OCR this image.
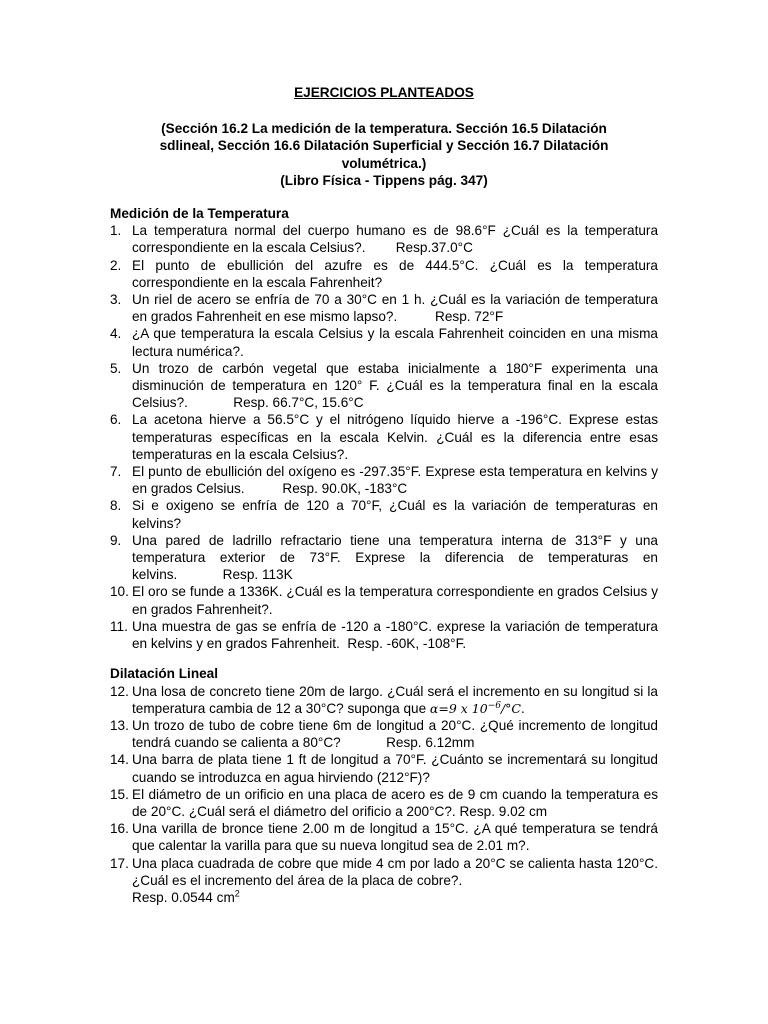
EJERCICIOS PLANTEADOS
(Sección 16.2 La medición de la temperatura. Sección 16.5 Dilatación
sdlineal, Sección 16.6 Dilatación Superficial y Sección 16.7 Dilatación
volumétrica.)
(Libro Física - Tippens pág. 347)
Medición de la Temperatura
1. La temperatura normal del cuerpo humano es de 98.6°F ¿Cuál es la temperatura correspondiente en la escala Celsius?. Resp.37.0°C
2. El punto de ebullición del azufre es de 444.5°C. ¿Cuál es la temperatura correspondiente en la escala Fahrenheit?
3. Un riel de acero se enfría de 70 a 30°C en 1 h. ¿Cuál es la variación de temperatura en grados Fahrenheit en ese mismo lapso?.	Resp. 72°F
4. ¿A que temperatura la escala Celsius y la escala Fahrenheit coinciden en una misma lectura numérica?.
5. Un trozo de carbón vegetal que estaba inicialmente a 180°F experimenta una disminución de temperatura en 120° F. ¿Cuál es la temperatura final en la escala Celsius?.	Resp. 66.7°C, 15.6°C
6. La acetona hierve a 56.5°C y el nitrógeno líquido hierve a -196°C. Exprese estas temperaturas específicas en la escala Kelvin. ¿Cuál es la diferencia entre esas temperaturas en la escala Celsius?.
7. El punto de ebullición del oxígeno es -297.35°F. Exprese esta temperatura en kelvins y en grados Celsius.	Resp. 90.0K, -183°C
8. Si e oxigeno se enfría de 120 a 70°F, ¿Cuál es la variación de temperaturas en kelvins?
9. Una pared de ladrillo refractario tiene una temperatura interna de 313°F y una temperatura exterior de 73°F. Exprese la diferencia de temperaturas en kelvins.	Resp. 113K
10. El oro se funde a 1336K. ¿Cuál es la temperatura correspondiente en grados Celsius y en grados Fahrenheit?.
11. Una muestra de gas se enfría de -120 a -180°C. exprese la variación de temperatura en kelvins y en grados Fahrenheit. Resp. -60K, -108°F.
Dilatación Lineal
12. Una losa de concreto tiene 20m de largo. ¿Cuál será el incremento en su longitud si la temperatura cambia de 12 a 30°C? suponga que α=9 x $10^{-6}/^\circ C$.
13. Un trozo de tubo de cobre tiene 6m de longitud a 20°C. ¿Qué incremento de longitud tendrá cuando se calienta a 80°C?	Resp. 6.12mm
14. Una barra de plata tiene 1 ft de longitud a 70°F. ¿Cuánto se incrementará su longitud cuando se introduzca en agua hirviendo (212°F)?
15. El diámetro de un orificio en una placa de acero es de 9 cm cuando la temperatura es de 20°C. ¿Cuál será el diámetro del orificio a 200°C?. Resp. 9.02 cm
16. Una varilla de bronce tiene 2.00 m de longitud a 15°C. ¿A qué temperatura se tendrá que calentar la varilla para que su nueva longitud sea de 2.01 m?.
17. Una placa cuadrada de cobre que mide 4 cm por lado a 20°C se calienta hasta 120°C. ¿Cuál es el incremento del área de la placa de cobre?.
Resp. 0.0544 $cm^2$
